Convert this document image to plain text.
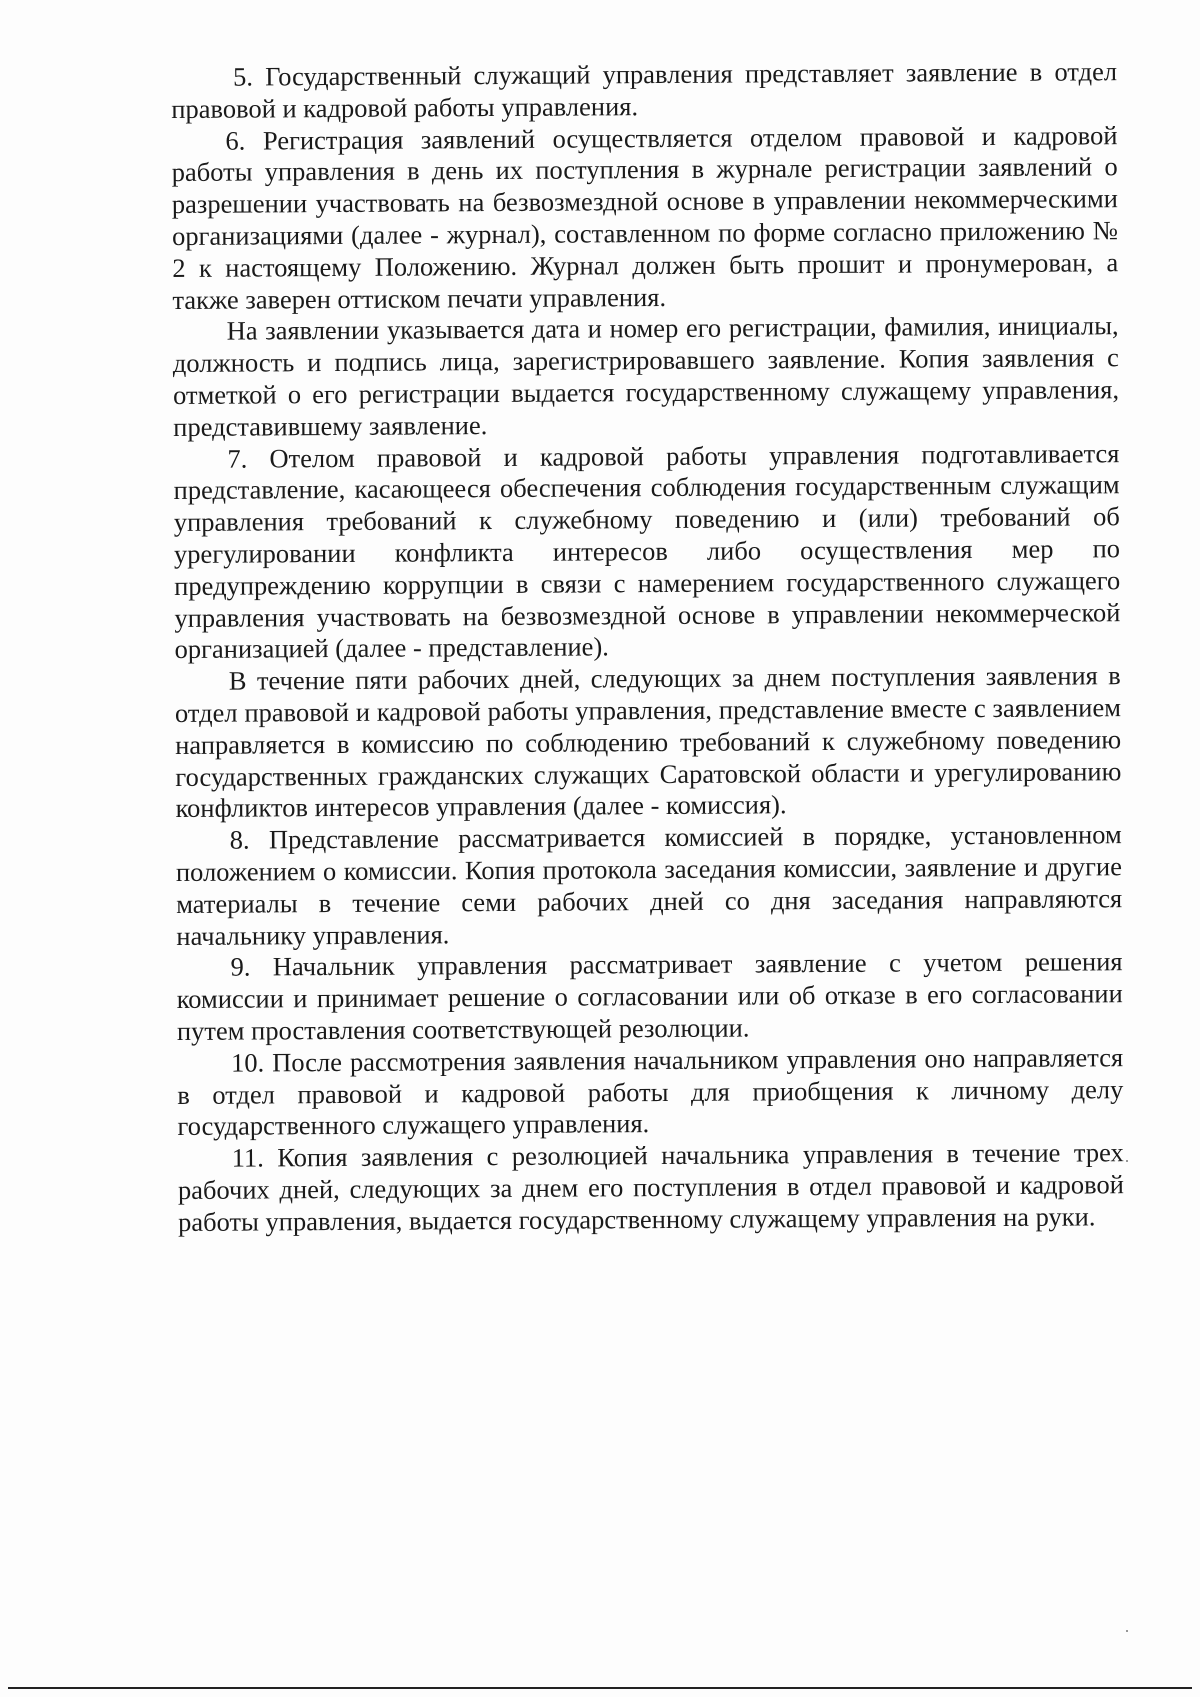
5. Государственный служащий управления представляет заявление в отдел правовой и кадровой работы управления.

6. Регистрация заявлений осуществляется отделом правовой и кадровой работы управления в день их поступления в журнале регистрации заявлений о разрешении участвовать на безвозмездной основе в управлении некоммерческими организациями (далее - журнал), составленном по форме согласно приложению № 2 к настоящему Положению. Журнал должен быть прошит и пронумерован, а также заверен оттиском печати управления.

На заявлении указывается дата и номер его регистрации, фамилия, инициалы, должность и подпись лица, зарегистрировавшего заявление. Копия заявления с отметкой о его регистрации выдается государственному служащему управления, представившему заявление.

7. Отелом правовой и кадровой работы управления подготавливается представление, касающееся обеспечения соблюдения государственным служащим управления требований к служебному поведению и (или) требований об урегулировании конфликта интересов либо осуществления мер по предупреждению коррупции в связи с намерением государственного служащего управления участвовать на безвозмездной основе в управлении некоммерческой организацией (далее - представление).

В течение пяти рабочих дней, следующих за днем поступления заявления в отдел правовой и кадровой работы управления, представление вместе с заявлением направляется в комиссию по соблюдению требований к служебному поведению государственных гражданских служащих Саратовской области и урегулированию конфликтов интересов управления (далее - комиссия).

8. Представление рассматривается комиссией в порядке, установленном положением о комиссии. Копия протокола заседания комиссии, заявление и другие материалы в течение семи рабочих дней со дня заседания направляются начальнику управления.

9. Начальник управления рассматривает заявление с учетом решения комиссии и принимает решение о согласовании или об отказе в его согласовании путем проставления соответствующей резолюции.

10. После рассмотрения заявления начальником управления оно направляется в отдел правовой и кадровой работы для приобщения к личному делу государственного служащего управления.

11. Копия заявления с резолюцией начальника управления в течение трех рабочих дней, следующих за днем его поступления в отдел правовой и кадровой работы управления, выдается государственному служащему управления на руки.
